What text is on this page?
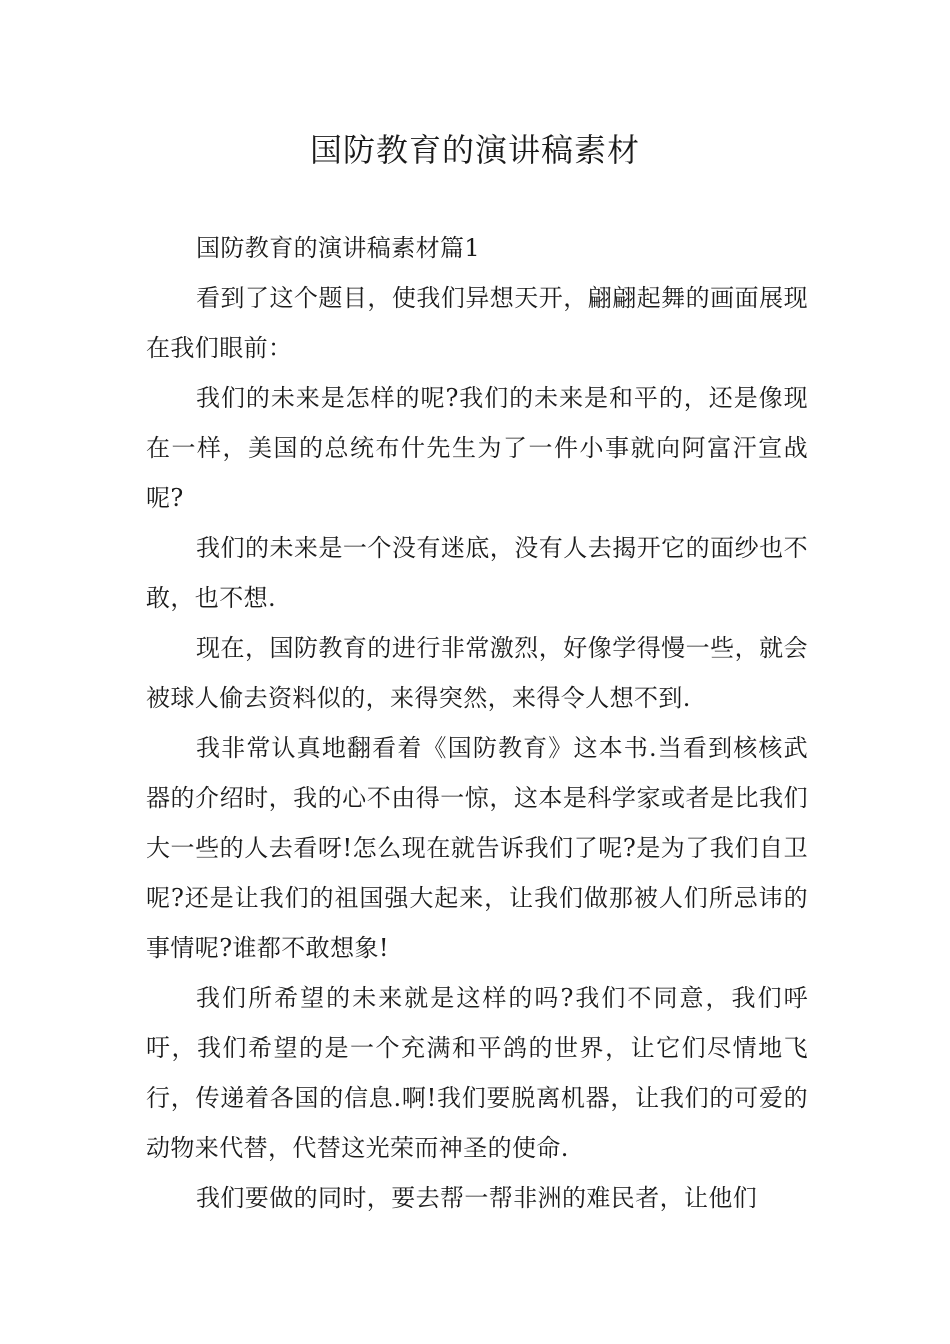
国防教育的演讲稿素材

国防教育的演讲稿素材篇1

看到了这个题目，使我们异想天开，翩翩起舞的画面展现在我们眼前：

我们的未来是怎样的呢?我们的未来是和平的，还是像现在一样，美国的总统布什先生为了一件小事就向阿富汗宣战呢?

我们的未来是一个没有迷底，没有人去揭开它的面纱也不敢，也不想.

现在，国防教育的进行非常激烈，好像学得慢一些，就会被球人偷去资料似的，来得突然，来得令人想不到.

我非常认真地翻看着《国防教育》这本书.当看到核核武器的介绍时，我的心不由得一惊，这本是科学家或者是比我们大一些的人去看呀!怎么现在就告诉我们了呢?是为了我们自卫呢?还是让我们的祖国强大起来，让我们做那被人们所忌讳的事情呢?谁都不敢想象!

我们所希望的未来就是这样的吗?我们不同意，我们呼吁，我们希望的是一个充满和平鸽的世界，让它们尽情地飞行，传递着各国的信息.啊!我们要脱离机器，让我们的可爱的动物来代替，代替这光荣而神圣的使命.

我们要做的同时，要去帮一帮非洲的难民者，让他们
